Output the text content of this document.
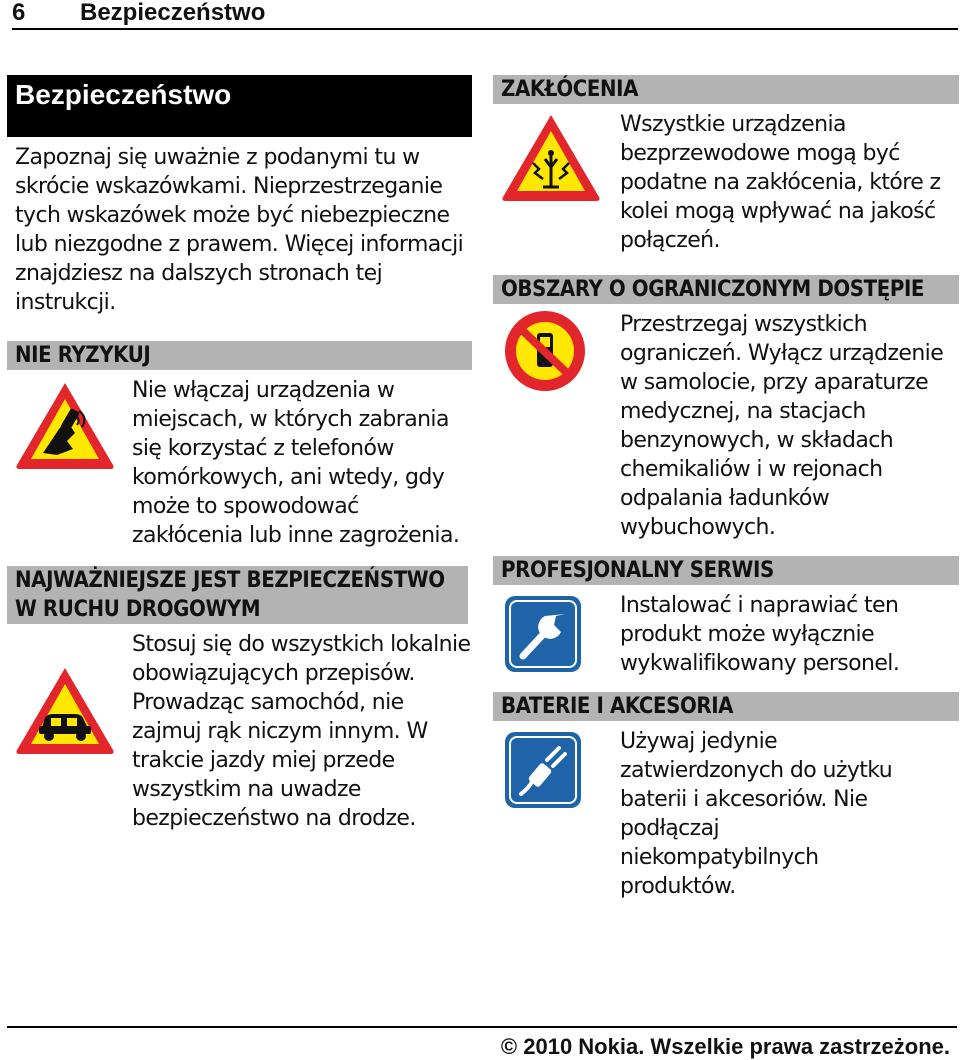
6 Bezpieczeństwo
Bezpieczeństwo
Zapoznaj się uważnie z podanymi tu w skrócie wskazówkami. Nieprzestrzeganie tych wskazówek może być niebezpieczne lub niezgodne z prawem. Więcej informacji znajdziesz na dalszych stronach tej instrukcji.
NIE RYZYKUJ
Nie włączaj urządzenia w miejscach, w których zabrania się korzystać z telefonów komórkowych, ani wtedy, gdy może to spowodować zakłócenia lub inne zagrożenia.
NAJWAŻNIEJSZE JEST BEZPIECZEŃSTWO W RUCHU DROGOWYM
Stosuj się do wszystkich lokalnie obowiązujących przepisów. Prowadząc samochód, nie zajmuj rąk niczym innym. W trakcie jazdy miej przede wszystkim na uwadze bezpieczeństwo na drodze.
ZAKŁÓCENIA
Wszystkie urządzenia bezprzewodowe mogą być podatne na zakłócenia, które z kolei mogą wpływać na jakość połączeń.
OBSZARY O OGRANICZONYM DOSTĘPIE
Przestrzegaj wszystkich ograniczeń. Wyłącz urządzenie w samolocie, przy aparaturze medycznej, na stacjach benzynowych, w składach chemikaliów i w rejonach odpalania ładunków wybuchowych.
PROFESJONALNY SERWIS
Instalować i naprawiać ten produkt może wyłącznie wykwalifikowany personel.
BATERIE I AKCESORIA
Używaj jedynie zatwierdzonych do użytku baterii i akcesoriów. Nie podłączaj niekompatybilnych produktów.
© 2010 Nokia. Wszelkie prawa zastrzeżone.
